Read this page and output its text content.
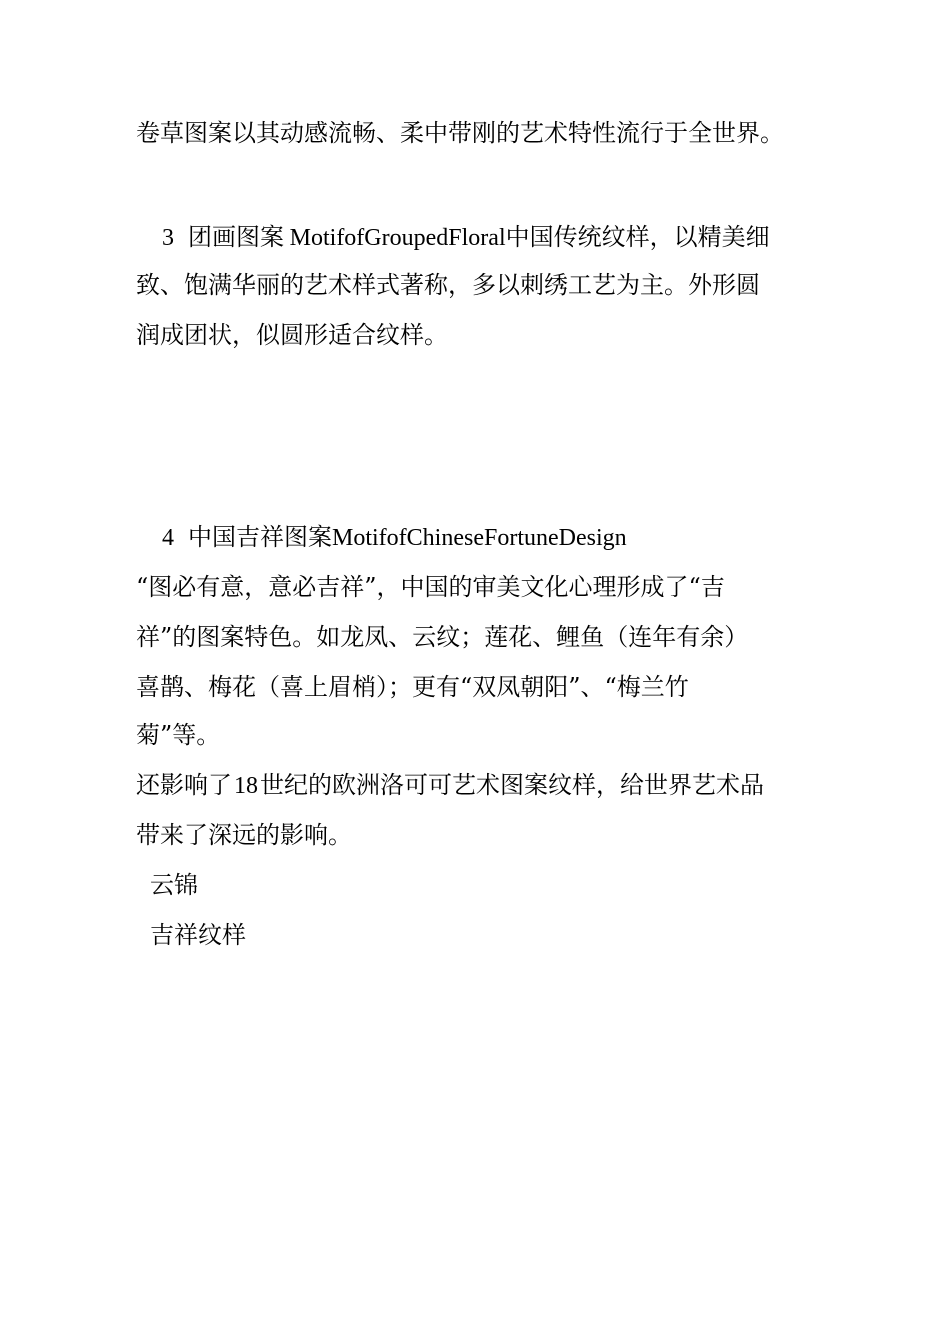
卷草图案以其动感流畅、柔中带刚的艺术特性流行于全世界。

3 团画图案 MotifofGroupedFloral中国传统纹样，以精美细

致、饱满华丽的艺术样式著称，多以刺绣工艺为主。外形圆

润成团状，似圆形适合纹样。

4 中国吉祥图案MotifofChineseFortuneDesign

“图必有意，意必吉祥”，中国的审美文化心理形成了“吉

祥”的图案特色。如龙凤、云纹；莲花、鲤鱼（连年有余）

喜鹊、梅花（喜上眉梢）；更有“双凤朝阳”、“梅兰竹

菊”等。

还影响了18世纪的欧洲洛可可艺术图案纹样，给世界艺术品

带来了深远的影响。

云锦

吉祥纹样
